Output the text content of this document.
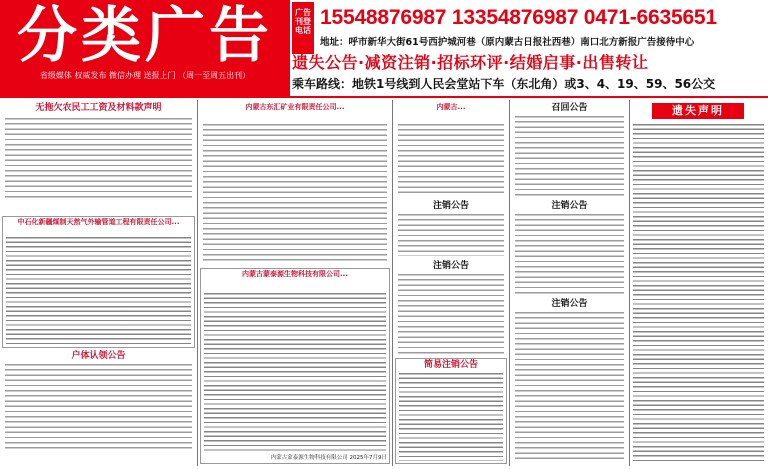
分类广告
省级媒体 权威发布 微信办理 送报上门 （周一至周五出刊）
广告刊登电话
15548876987 13354876987 0471-6635651
地址：呼市新华大街61号西护城河巷（原内蒙古日报社西巷）南口北方新报广告接待中心
遗失公告·减资注销·招标环评·结婚启事·出售转让
乘车路线：地铁1号线到人民会堂站下车（东北角）或3、4、19、59、56公交
无拖欠农民工工资及材料款声明
中石化新疆煤制天然气外输管道工程有限责任公司...
户体认领公告
内蒙古东汇矿业有限责任公司...
内蒙古蒙泰源生物科技有限公司...
内蒙古蒙泰源生物科技有限公司 2025年7月9日
内蒙古...
注销公告
注销公告
简易注销公告
召回公告
注销公告
注销公告
遗失声明
